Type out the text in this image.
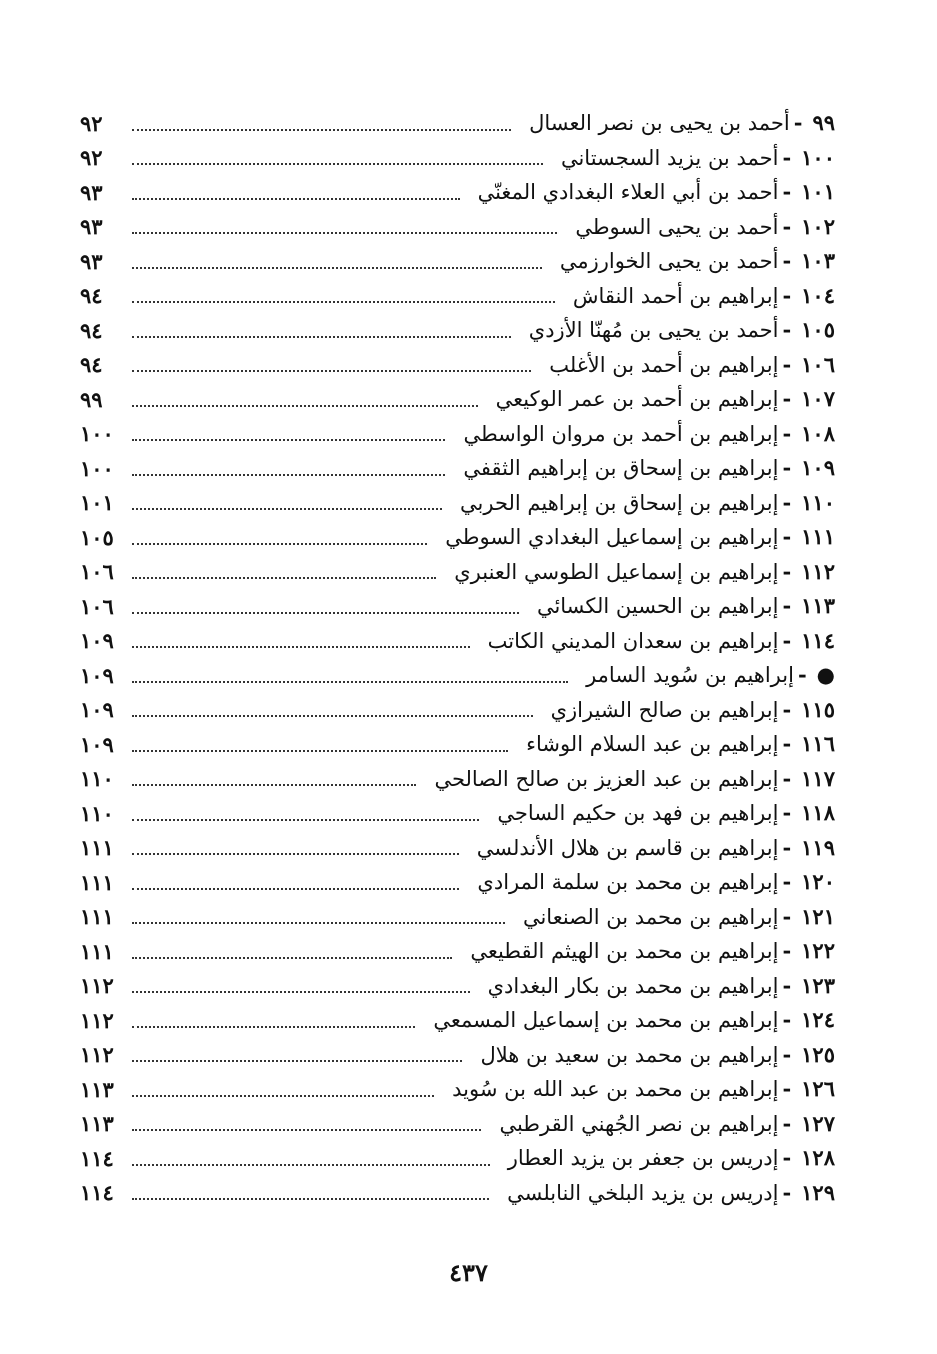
٩٩-أحمد بن يحيى بن نصر العسال
٩٢
١٠٠-أحمد بن يزيد السجستاني
٩٢
١٠١-أحمد بن أبي العلاء البغدادي المغنّي
٩٣
١٠٢-أحمد بن يحيى السوطي
٩٣
١٠٣-أحمد بن يحيى الخوارزمي
٩٣
١٠٤-إبراهيم بن أحمد النقاش
٩٤
١٠٥-أحمد بن يحيى بن مُهنّا الأزدي
٩٤
١٠٦-إبراهيم بن أحمد بن الأغلب
٩٤
١٠٧-إبراهيم بن أحمد بن عمر الوكيعي
٩٩
١٠٨-إبراهيم بن أحمد بن مروان الواسطي
١٠٠
١٠٩-إبراهيم بن إسحاق بن إبراهيم الثقفي
١٠٠
١١٠-إبراهيم بن إسحاق بن إبراهيم الحربي
١٠١
١١١-إبراهيم بن إسماعيل البغدادي السوطي
١٠٥
١١٢-إبراهيم بن إسماعيل الطوسي العنبري
١٠٦
١١٣-إبراهيم بن الحسين الكسائي
١٠٦
١١٤-إبراهيم بن سعدان المديني الكاتب
١٠٩
●-إبراهيم بن سُويد السامر
١٠٩
١١٥-إبراهيم بن صالح الشيرازي
١٠٩
١١٦-إبراهيم بن عبد السلام الوشاء
١٠٩
١١٧-إبراهيم بن عبد العزيز بن صالح الصالحي
١١٠
١١٨-إبراهيم بن فهد بن حكيم الساجي
١١٠
١١٩-إبراهيم بن قاسم بن هلال الأندلسي
١١١
١٢٠-إبراهيم بن محمد بن سلمة المرادي
١١١
١٢١-إبراهيم بن محمد بن الصنعاني
١١١
١٢٢-إبراهيم بن محمد بن الهيثم القطيعي
١١١
١٢٣-إبراهيم بن محمد بن بكار البغدادي
١١٢
١٢٤-إبراهيم بن محمد بن إسماعيل المسمعي
١١٢
١٢٥-إبراهيم بن محمد بن سعيد بن هلال
١١٢
١٢٦-إبراهيم بن محمد بن عبد الله بن سُويد
١١٣
١٢٧-إبراهيم بن نصر الجُهني القرطبي
١١٣
١٢٨-إدريس بن جعفر بن يزيد العطار
١١٤
١٢٩-إدريس بن يزيد البلخي النابلسي
١١٤
٤٣٧
